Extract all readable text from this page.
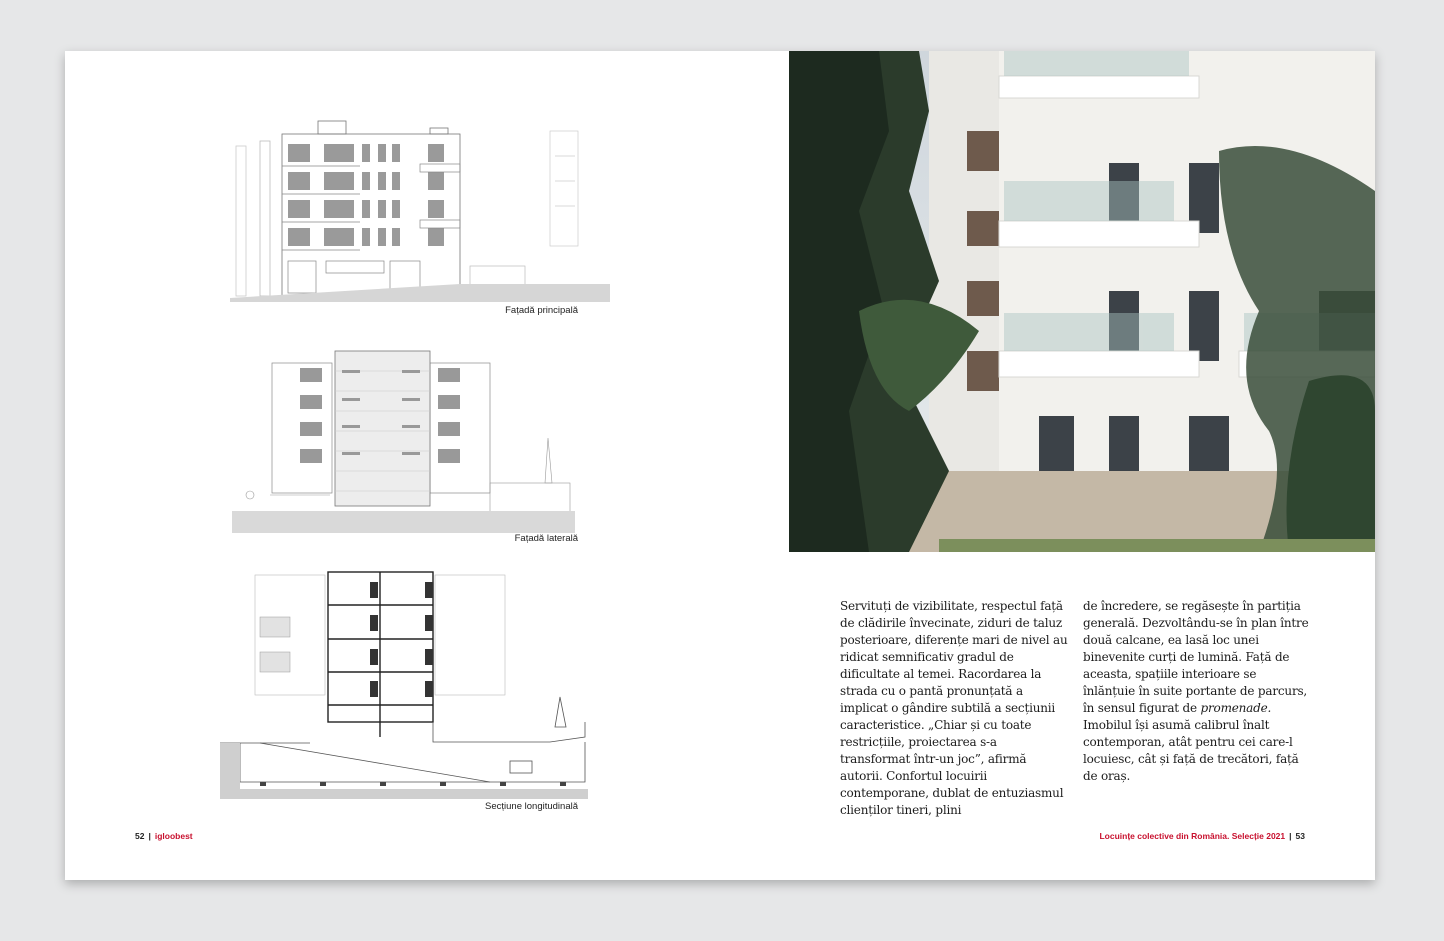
Fațadă principală
Fațadă laterală
Secțiune longitudinală
52 | igloobest
Servituți de vizibilitate, respectul față de clădirile învecinate, ziduri de taluz posterioare, diferențe mari de nivel au ridicat semnificativ gradul de dificultate al temei. Racordarea la strada cu o pantă pronunțată a implicat o gândire subtilă a secțiunii caracteristice. „Chiar și cu toate restricțiile, proiectarea s-a transformat într-un joc”, afirmă autorii. Confortul locuirii contemporane, dublat de entuziasmul clienților tineri, plini
de încredere, se regăsește în partiția generală. Dezvoltându-se în plan între două calcane, ea lasă loc unei binevenite curți de lumină. Față de aceasta, spațiile interioare se înlănțuie în suite portante de parcurs, în sensul figurat de promenade.
Imobilul își asumă calibrul înalt contemporan, atât pentru cei care-l locuiesc, cât și față de trecători, față de oraș.
Locuințe colective din România. Selecție 2021 | 53
